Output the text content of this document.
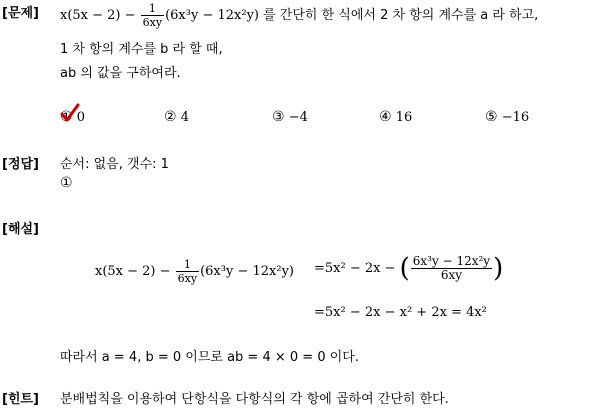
[문제]
[정답]
[해설]
[힌트]
$x(5x - 2) - \frac{1}{6xy} (6x^3y - 12x^2y)$ 를 간단히 한 식에서 2 차 항의 계수를 a 라 하고,
1 차 항의 계수를 b 라 할 때,
ab 의 값을 구하여라.
① 0	② 4	③ −4	④ 16	⑤ −16
순서: 없음, 갯수: 1
①
$x(5x - 2) - \frac{1}{6xy} (6x^3y - 12x^2y) =5x^2 - 2x$ − ( $\frac{\text{6x³y − 12x²y}}{6xy}$ )
=5x² − 2x − x² + 2x = 4x²
따라서 a = 4, b = 0 이므로 ab = 4 × 0 = 0 이다.
분배법칙을 이용하여 단항식을 다항식의 각 항에 곱하여 간단히 한다.
